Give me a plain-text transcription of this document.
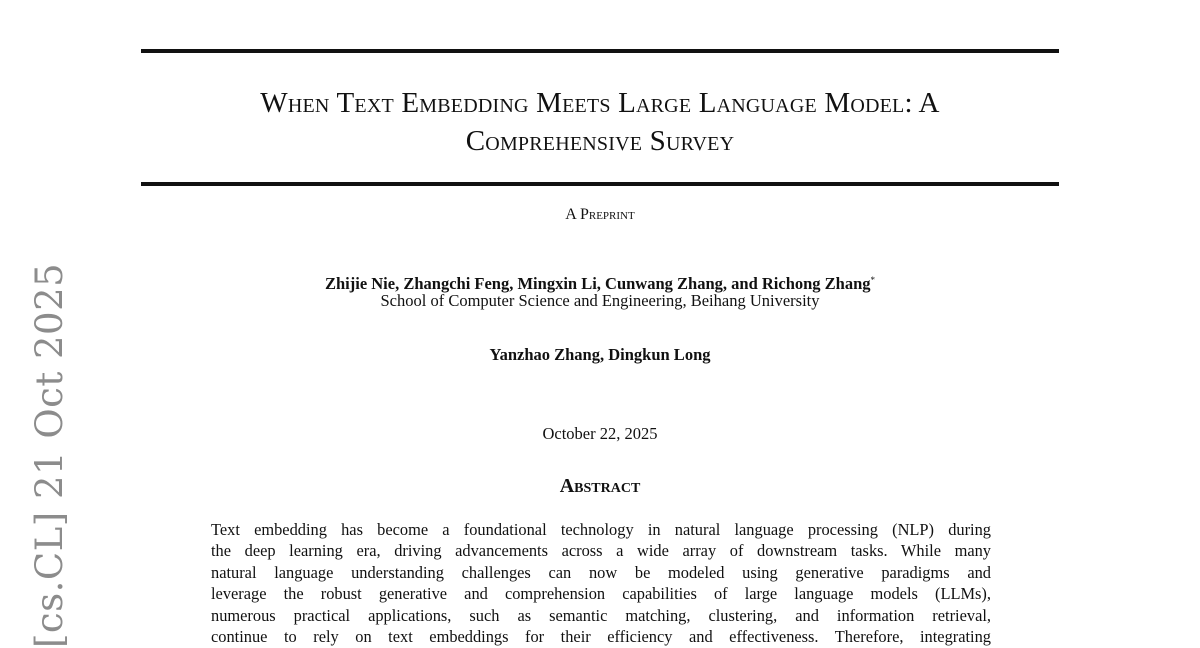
When Text Embedding Meets Large Language Model: A
Comprehensive Survey

A Preprint

Zhijie Nie, Zhangchi Feng, Mingxin Li, Cunwang Zhang, and Richong Zhang*
School of Computer Science and Engineering, Beihang University
Yanzhao Zhang, Dingkun Long
October 22, 2025
Abstract
Text embedding has become a foundational technology in natural language processing (NLP) during
the deep learning era, driving advancements across a wide array of downstream tasks. While many
natural language understanding challenges can now be modeled using generative paradigms and
leverage the robust generative and comprehension capabilities of large language models (LLMs),
numerous practical applications, such as semantic matching, clustering, and information retrieval,
continue to rely on text embeddings for their efficiency and effectiveness. Therefore, integrating
[cs.CL] 21 Oct 2025
